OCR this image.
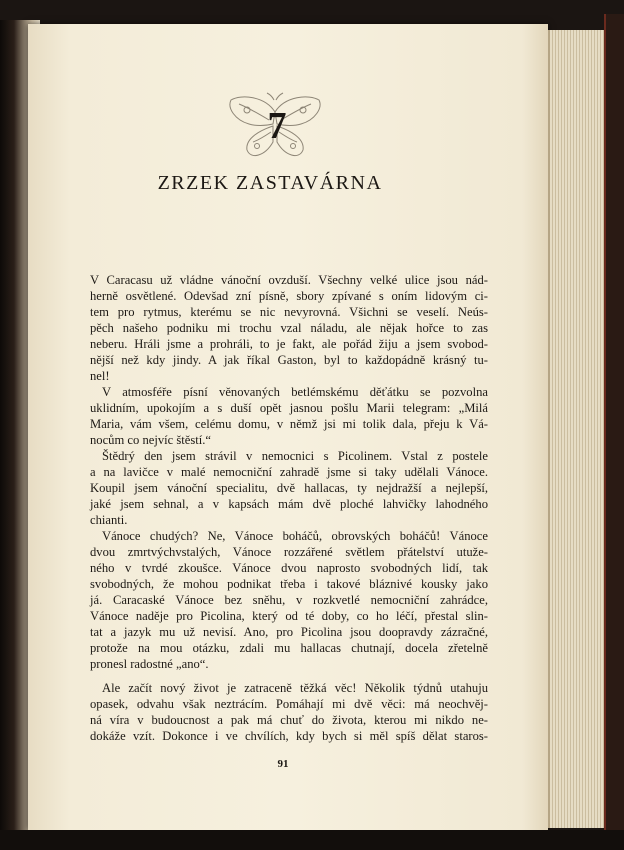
7
ZRZEK ZASTAVÁRNA
V Caracasu už vládne vánoční ovzduší. Všechny velké ulice jsou nád-
herně osvětlené. Odevšad zní písně, sbory zpívané s oním lidovým ci-
tem pro rytmus, kterému se nic nevyrovná. Všichni se veselí. Neús-
pěch našeho podniku mi trochu vzal náladu, ale nějak hořce to zas
neberu. Hráli jsme a prohráli, to je fakt, ale pořád žiju a jsem svobod-
nější než kdy jindy. A jak říkal Gaston, byl to každopádně krásný tu-
nel!
V atmosféře písní věnovaných betlémskému děťátku se pozvolna
uklidním, upokojím a s duší opět jasnou pošlu Marii telegram: „Milá
Maria, vám všem, celému domu, v němž jsi mi tolik dala, přeju k Vá-
nocům co nejvíc štěstí.“
Štědrý den jsem strávil v nemocnici s Picolinem. Vstal z postele
a na lavičce v malé nemocniční zahradě jsme si taky udělali Vánoce.
Koupil jsem vánoční specialitu, dvě hallacas, ty nejdražší a nejlepší,
jaké jsem sehnal, a v kapsách mám dvě ploché lahvičky lahodného
chianti.
Vánoce chudých? Ne, Vánoce boháčů, obrovských boháčů! Vánoce
dvou zmrtvýchvstalých, Vánoce rozzářené světlem přátelství utuže-
ného v tvrdé zkoušce. Vánoce dvou naprosto svobodných lidí, tak
svobodných, že mohou podnikat třeba i takové bláznivé kousky jako
já. Caracaské Vánoce bez sněhu, v rozkvetlé nemocniční zahrádce,
Vánoce naděje pro Picolina, který od té doby, co ho léčí, přestal slin-
tat a jazyk mu už nevisí. Ano, pro Picolina jsou doopravdy zázračné,
protože na mou otázku, zdali mu hallacas chutnají, docela zřetelně
pronesl radostné „ano“.
Ale začít nový život je zatraceně těžká věc! Několik týdnů utahuju
opasek, odvahu však neztrácím. Pomáhají mi dvě věci: má neochvěj-
ná víra v budoucnost a pak má chuť do života, kterou mi nikdo ne-
dokáže vzít. Dokonce i ve chvílích, kdy bych si měl spíš dělat staros-
91
